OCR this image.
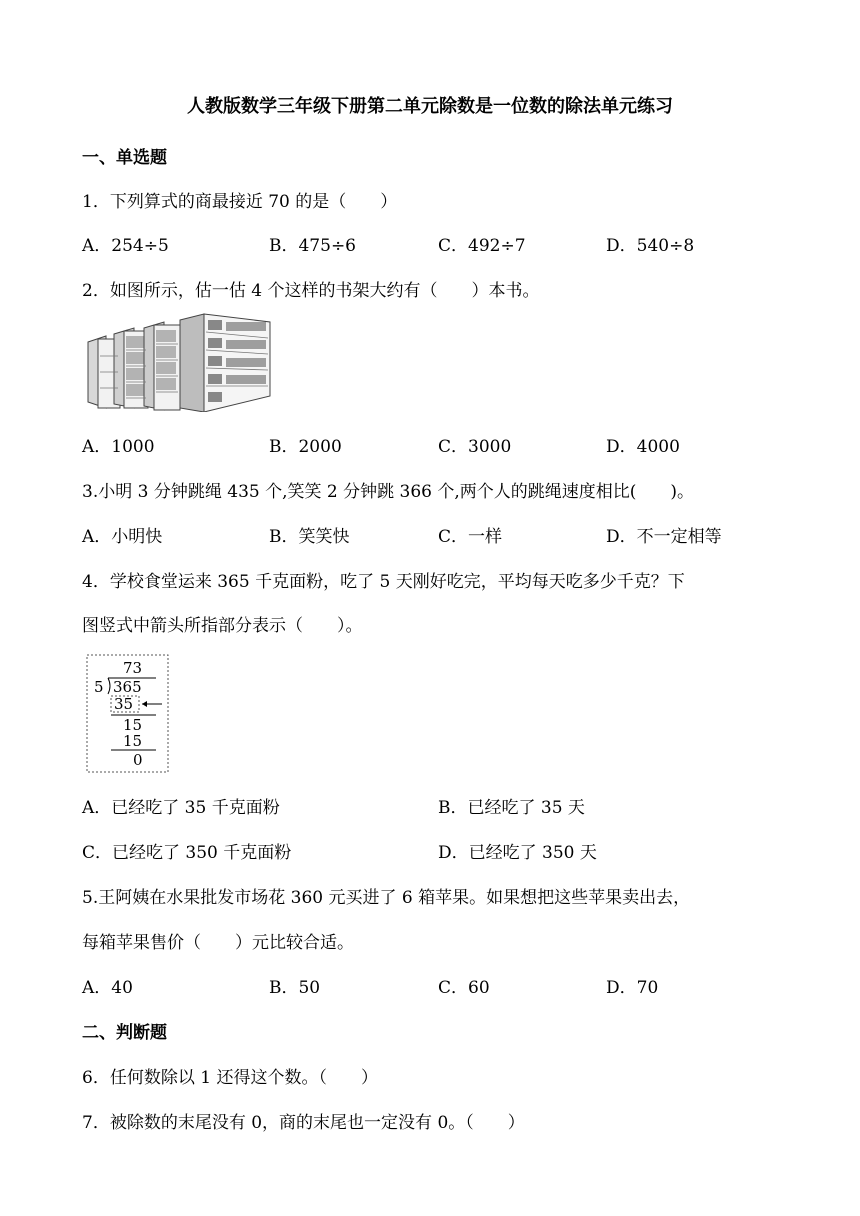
人教版数学三年级下册第二单元除数是一位数的除法单元练习
一、单选题
1．下列算式的商最接近 70 的是（　　）
A．254÷5	B．475÷6	C．492÷7	D．540÷8
2．如图所示，估一估 4 个这样的书架大约有（　　）本书。
A．1000	B．2000	C．3000	D．4000
3.小明 3 分钟跳绳 435 个,笑笑 2 分钟跳 366 个,两个人的跳绳速度相比(　　)。
A．小明快	B．笑笑快	C．一样	D．不一定相等
4．学校食堂运来 365 千克面粉，吃了 5 天刚好吃完，平均每天吃多少千克？下
图竖式中箭头所指部分表示（　　）。
73
5 365
35
15
15
0
A．已经吃了 35 千克面粉	B．已经吃了 35 天
C．已经吃了 350 千克面粉	D．已经吃了 350 天
5.王阿姨在水果批发市场花 360 元买进了 6 箱苹果。如果想把这些苹果卖出去，
每箱苹果售价（　　）元比较合适。
A．40	B．50	C．60	D．70
二、判断题
6．任何数除以 1 还得这个数。（　　）
7．被除数的末尾没有 0，商的末尾也一定没有 0。（　　）
